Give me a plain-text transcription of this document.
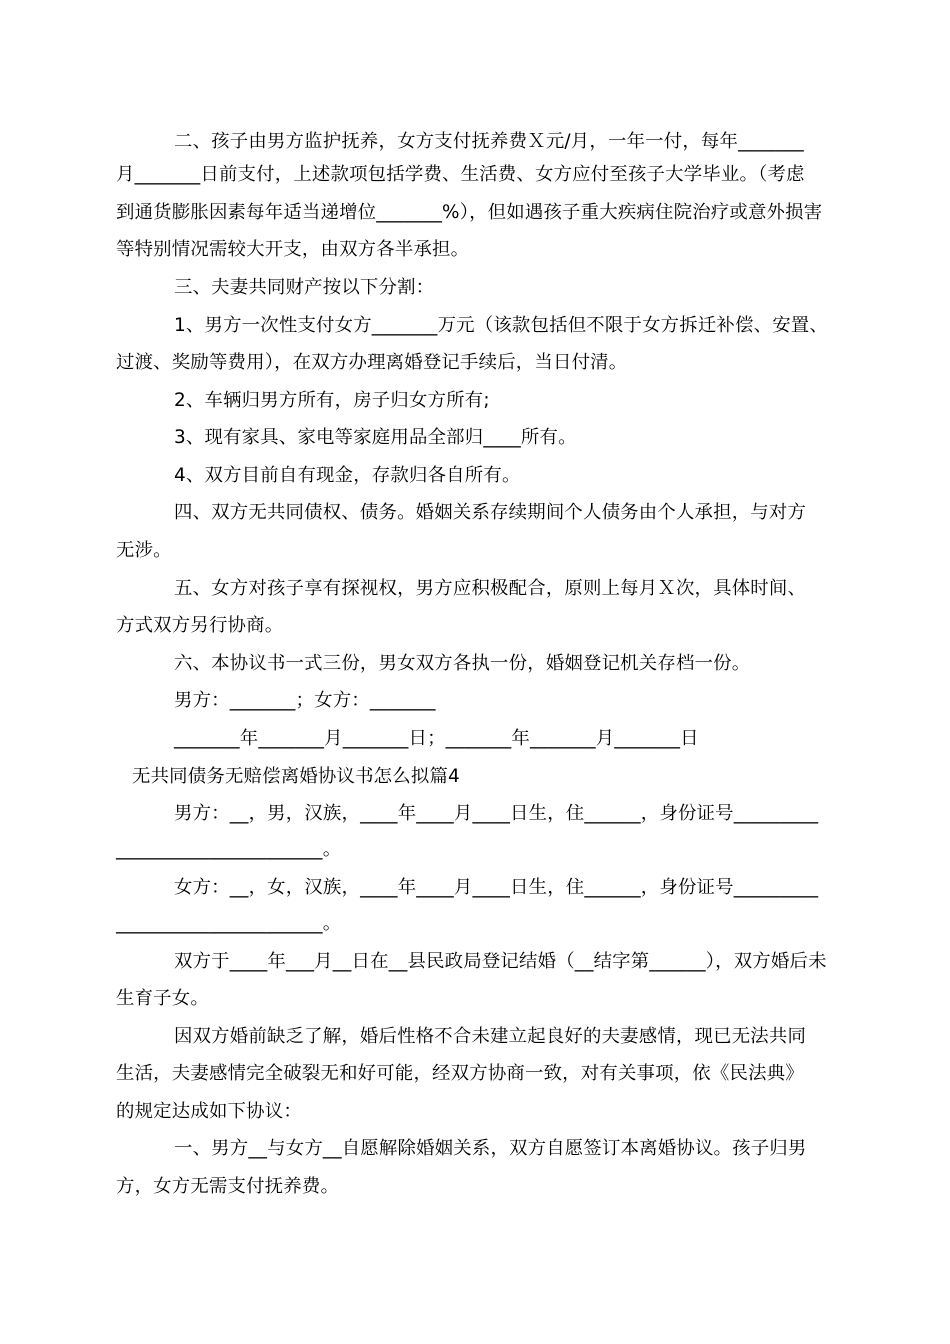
二、孩子由男方监护抚养，女方支付抚养费Ｘ元/月，一年一付，每年_______
月_______日前支付，上述款项包括学费、生活费、女方应付至孩子大学毕业。（考虑
到通货膨胀因素每年适当递增位_______%），但如遇孩子重大疾病住院治疗或意外损害
等特别情况需较大开支，由双方各半承担。
三、夫妻共同财产按以下分割：
1、男方一次性支付女方_______万元（该款包括但不限于女方拆迁补偿、安置、
过渡、奖励等费用），在双方办理离婚登记手续后，当日付清。
2、车辆归男方所有，房子归女方所有;
3、现有家具、家电等家庭用品全部归____所有。
4、双方目前自有现金，存款归各自所有。
四、双方无共同债权、债务。婚姻关系存续期间个人债务由个人承担，与对方
无涉。
五、女方对孩子享有探视权，男方应积极配合，原则上每月Ｘ次，具体时间、
方式双方另行协商。
六、本协议书一式三份，男女双方各执一份，婚姻登记机关存档一份。
男方：_______；女方：_______
_______年_______月_______日；_______年_______月_______日
无共同债务无赔偿离婚协议书怎么拟篇4
男方：__，男，汉族，____年____月____日生，住______，身份证号_________
______________________。
女方：__，女，汉族，____年____月____日生，住______，身份证号_________
______________________。
双方于____年___月__日在__县民政局登记结婚（__结字第______），双方婚后未
生育子女。
因双方婚前缺乏了解，婚后性格不合未建立起良好的夫妻感情，现已无法共同
生活，夫妻感情完全破裂无和好可能，经双方协商一致，对有关事项，依《民法典》
的规定达成如下协议：
一、男方__与女方__自愿解除婚姻关系，双方自愿签订本离婚协议。孩子归男
方，女方无需支付抚养费。
